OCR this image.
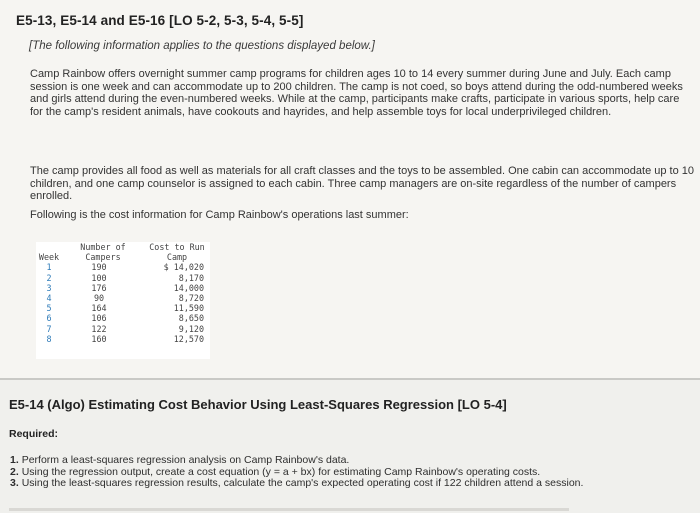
E5-13, E5-14 and E5-16 [LO 5-2, 5-3, 5-4, 5-5]
[The following information applies to the questions displayed below.]
Camp Rainbow offers overnight summer camp programs for children ages 10 to 14 every summer during June and July. Each camp session is one week and can accommodate up to 200 children. The camp is not coed, so boys attend during the odd-numbered weeks and girls attend during the even-numbered weeks. While at the camp, participants make crafts, participate in various sports, help care for the camp's resident animals, have cookouts and hayrides, and help assemble toys for local underprivileged children.
The camp provides all food as well as materials for all craft classes and the toys to be assembled. One cabin can accommodate up to 10 children, and one camp counselor is assigned to each cabin. Three camp managers are on-site regardless of the number of campers enrolled.
Following is the cost information for Camp Rainbow's operations last summer:
Week	Number of	Cost to Run
	Campers	Camp
1	190	$ 14,020
2	100	8,170
3	176	14,000
4	90	8,720
5	164	11,590
6	106	8,650
7	122	9,120
8	160	12,570
E5-14 (Algo) Estimating Cost Behavior Using Least-Squares Regression [LO 5-4]
Required:
1. Perform a least-squares regression analysis on Camp Rainbow's data.
2. Using the regression output, create a cost equation (y = a + bx) for estimating Camp Rainbow's operating costs.
3. Using the least-squares regression results, calculate the camp's expected operating cost if 122 children attend a session.
